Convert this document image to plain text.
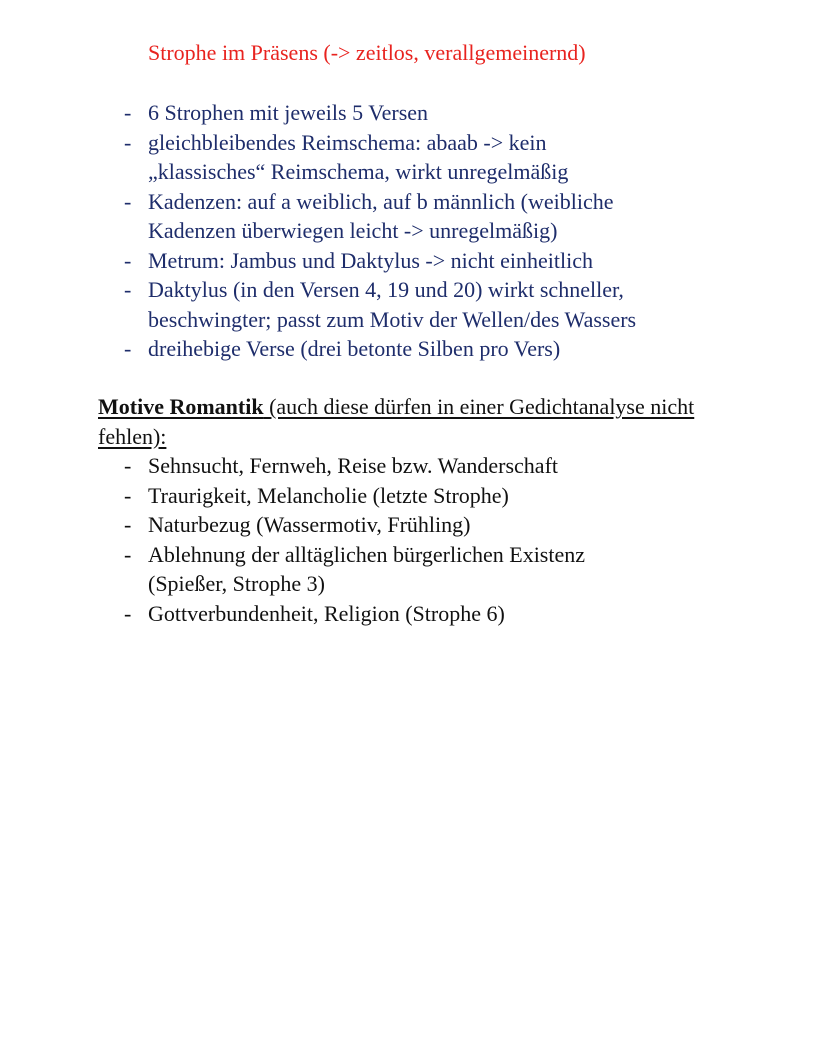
Strophe im Präsens (-> zeitlos, verallgemeinernd)
- 6 Strophen mit jeweils 5 Versen
- gleichbleibendes Reimschema: abaab -> kein
„klassisches“ Reimschema, wirkt unregelmäßig
- Kadenzen: auf a weiblich, auf b männlich (weibliche
Kadenzen überwiegen leicht -> unregelmäßig)
- Metrum: Jambus und Daktylus -> nicht einheitlich
- Daktylus (in den Versen 4, 19 und 20) wirkt schneller,
beschwingter; passt zum Motiv der Wellen/des Wassers
- dreihebige Verse (drei betonte Silben pro Vers)
Motive Romantik (auch diese dürfen in einer Gedichtanalyse nicht fehlen):
- Sehnsucht, Fernweh, Reise bzw. Wanderschaft
- Traurigkeit, Melancholie (letzte Strophe)
- Naturbezug (Wassermotiv, Frühling)
- Ablehnung der alltäglichen bürgerlichen Existenz
(Spießer, Strophe 3)
- Gottverbundenheit, Religion (Strophe 6)
